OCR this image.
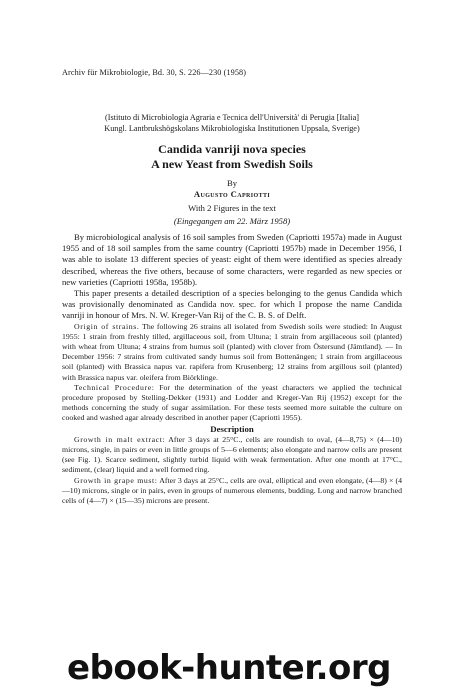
Archiv für Mikrobiologie, Bd. 30, S. 226—230 (1958)
(Istituto di Microbiologia Agraria e Tecnica dell'Università' di Perugia [Italia]
Kungl. Lantbrukshögskolans Mikrobiologiska Institutionen Uppsala, Sverige)
Candida vanriji nova species
A new Yeast from Swedish Soils
By
Augusto Capriotti
With 2 Figures in the text
(Eingegangen am 22. März 1958)

By microbiological analysis of 16 soil samples from Sweden (Capriotti 1957a) made in August 1955 and of 18 soil samples from the same country (Capriotti 1957b) made in December 1956, I was able to isolate 13 different species of yeast: eight of them were identified as species already described, whereas the five others, because of some characters, were regarded as new species or new varieties (Capriotti 1958a, 1958b).

This paper presents a detailed description of a species belonging to the genus Candida which was provisionally denominated as Candida nov. spec. for which I propose the name Candida vanriji in honour of Mrs. N. W. Kreger-Van Rij of the C. B. S. of Delft.

Origin of strains. The following 26 strains all isolated from Swedish soils were studied: In August 1955: 1 strain from freshly tilled, argillaceous soil, from Ultuna; 1 strain from argillaceous soil (planted) with wheat from Ultuna; 4 strains from humus soil (planted) with clover from Östersund (Jämtland). — In December 1956: 7 strains from cultivated sandy humus soil from Bottenängen; 1 strain from argillaceous soil (planted) with Brassica napus var. rapifera from Krusenberg; 12 strains from argillous soil (planted) with Brassica napus var. oleifera from Biörklinge.

Technical Procedure: For the determination of the yeast characters we applied the technical procedure proposed by Stelling-Dekker (1931) and Lodder and Kreger-Van Rij (1952) except for the methods concerning the study of sugar assimilation. For these tests seemed more suitable the culture on cooked and washed agar already described in another paper (Capriotti 1955).

Description

Growth in malt extract: After 3 days at 25°C., cells are roundish to oval, (4—8,75) × (4—10) microns, single, in pairs or even in little groups of 5—6 elements; also elongate and narrow cells are present (see Fig. 1). Scarce sediment, slightly turbid liquid with weak fermentation. After one month at 17°C., sediment, (clear) liquid and a well formed ring.

Growth in grape must: After 3 days at 25°C., cells are oval, elliptical and even elongate, (4—8) × (4—10) microns, single or in pairs, even in groups of numerous elements, budding. Long and narrow branched cells of (4—7) × (15—35) microns are present.

ebook-hunter.org
